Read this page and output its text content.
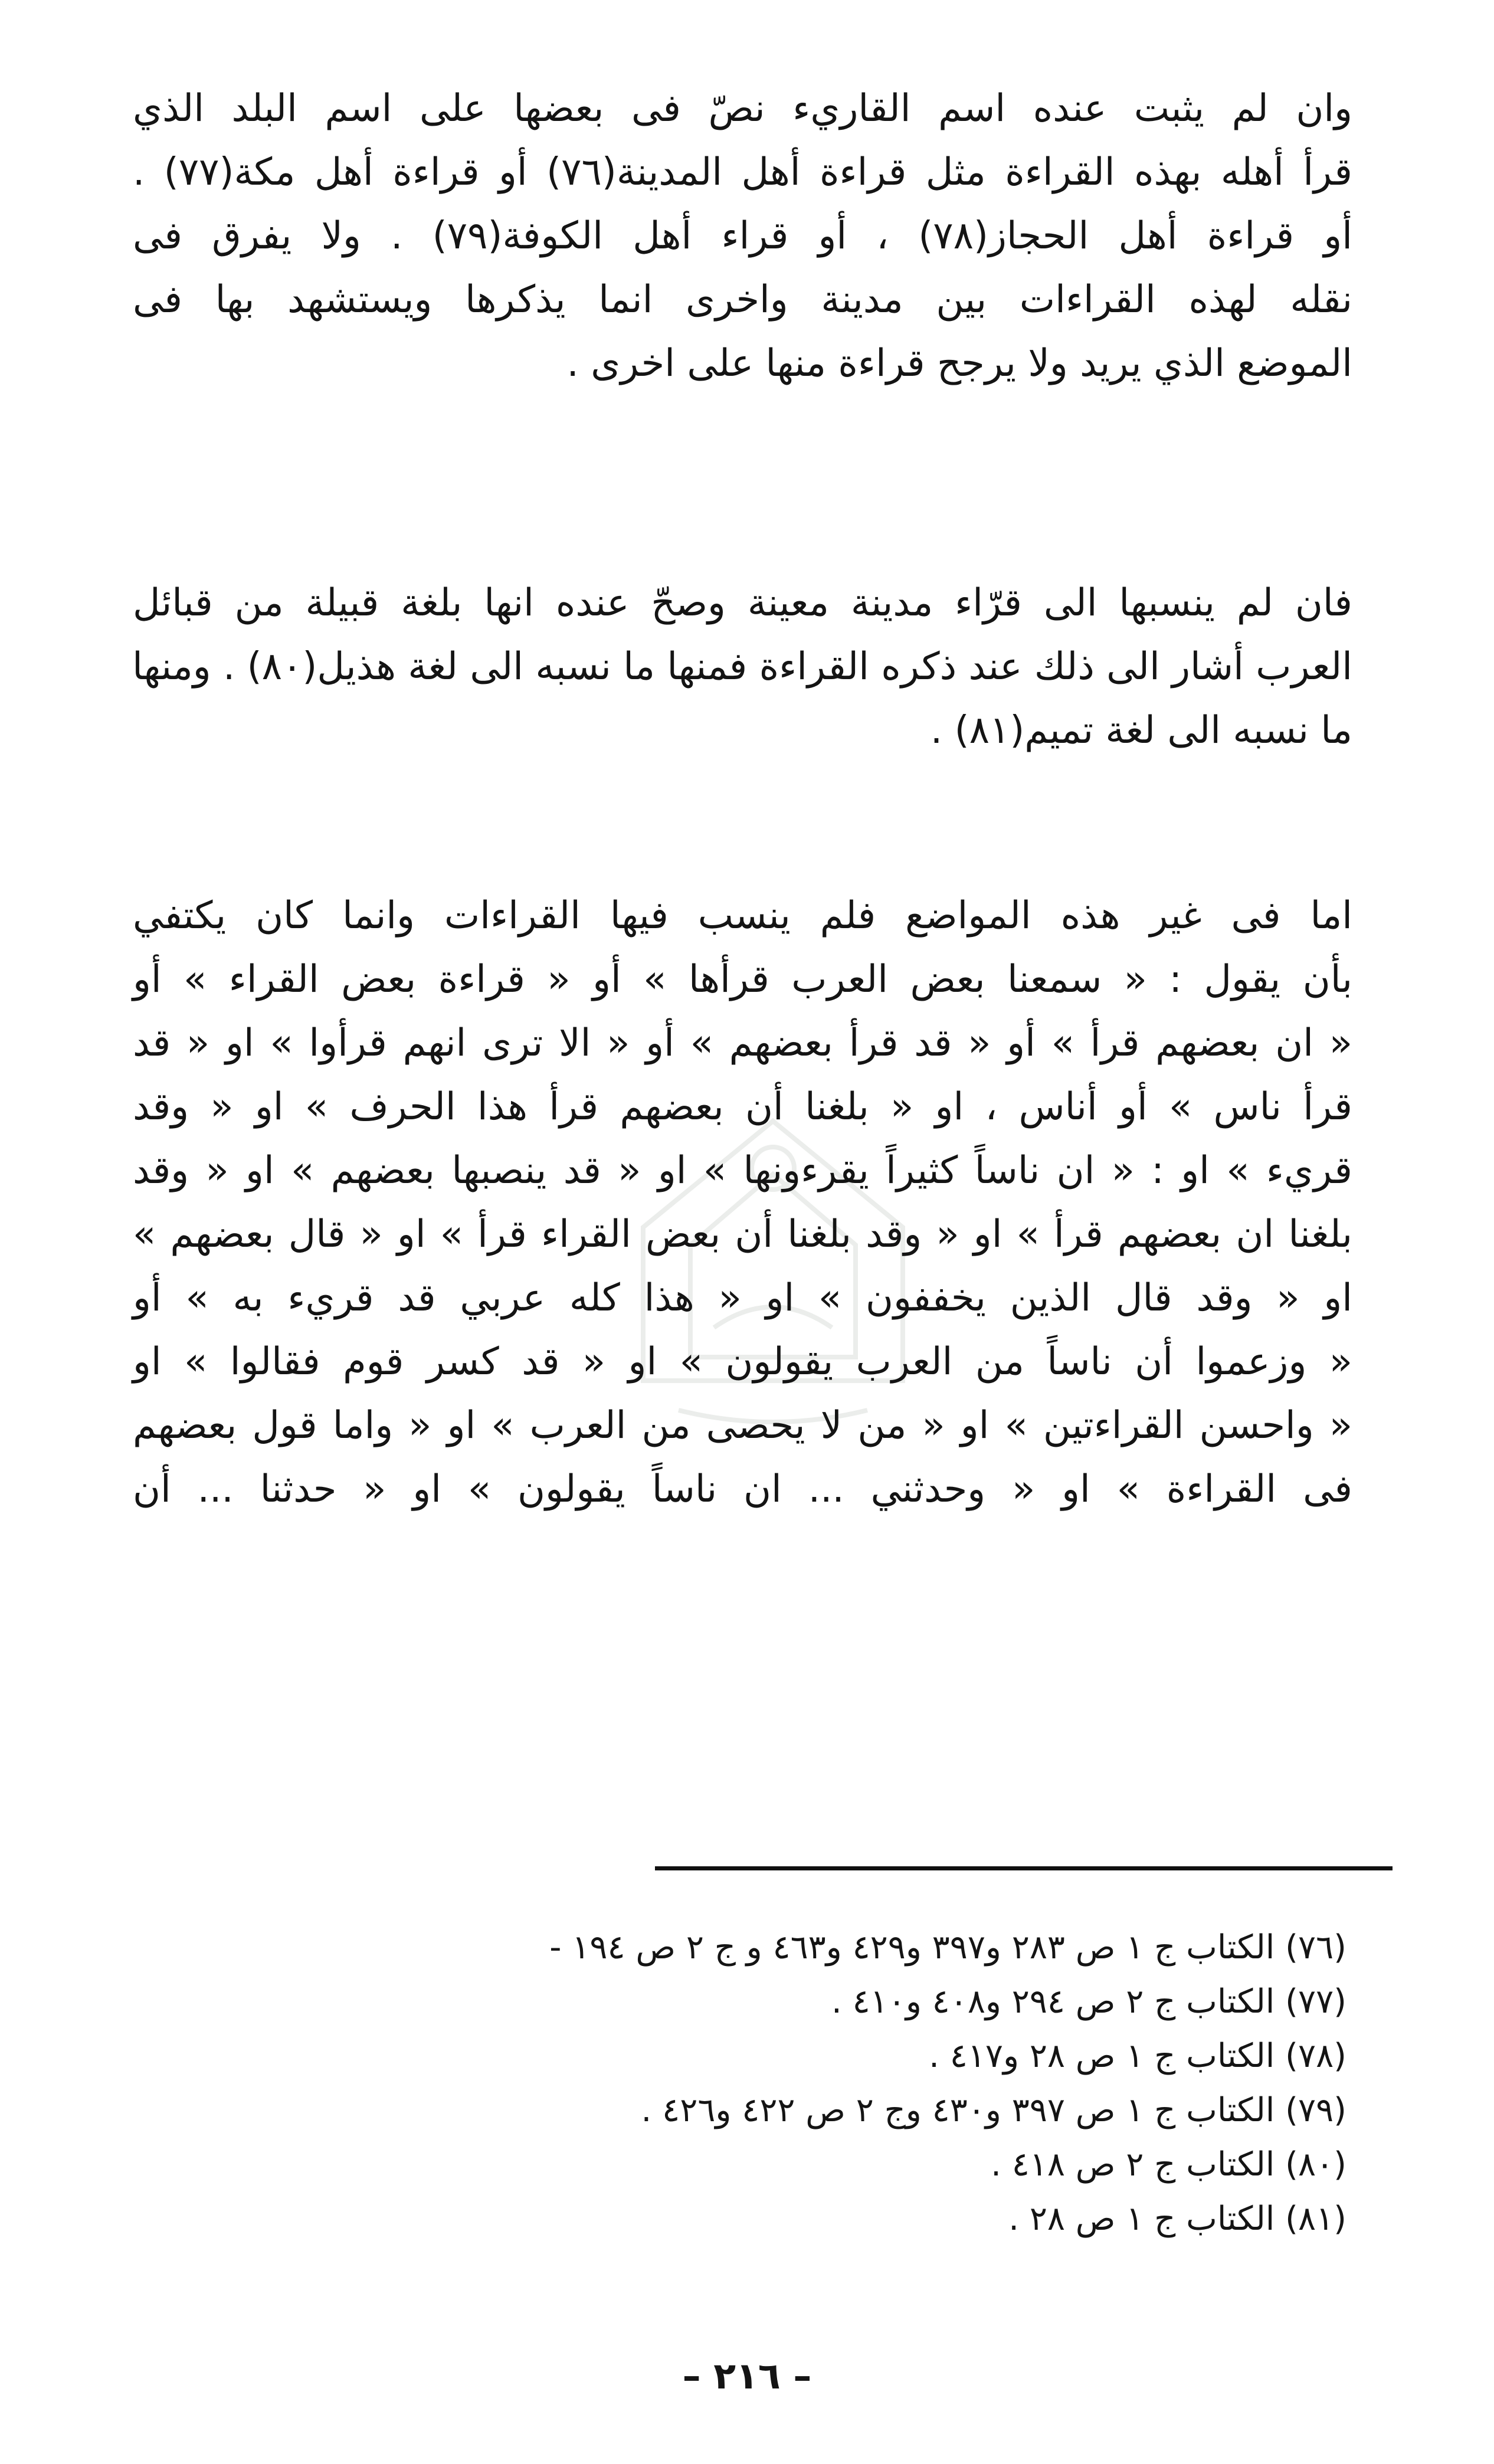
وان لم يثبت عنده اسم القاريء نصّ فى بعضها على اسم البلد الذي
قرأ أهله بهذه القراءة مثل قراءة أهل المدينة(٧٦) أو قراءة أهل مكة(٧٧) .
أو قراءة أهل الحجاز(٧٨) ، أو قراء أهل الكوفة(٧٩) . ولا يفرق فى
نقله لهذه القراءات بين مدينة واخرى انما يذكرها ويستشهد بها فى
الموضع الذي يريد ولا يرجح قراءة منها على اخرى .
فان لم ينسبها الى قرّاء مدينة معينة وصحّ عنده انها بلغة قبيلة من قبائل
العرب أشار الى ذلك عند ذكره القراءة فمنها ما نسبه الى لغة هذيل(٨٠) . ومنها
ما نسبه الى لغة تميم(٨١) .
اما فى غير هذه المواضع فلم ينسب فيها القراءات وانما كان يكتفي
بأن يقول : « سمعنا بعض العرب قرأها » أو « قراءة بعض القراء » أو
« ان بعضهم قرأ » أو « قد قرأ بعضهم » أو « الا ترى انهم قرأوا » او « قد
قرأ ناس » أو أناس ، او « بلغنا أن بعضهم قرأ هذا الحرف » او « وقد
قريء » او : « ان ناساً كثيراً يقرءونها » او « قد ينصبها بعضهم » او « وقد
بلغنا ان بعضهم قرأ » او « وقد بلغنا أن بعض القراء قرأ » او « قال بعضهم »
او « وقد قال الذين يخففون » او « هذا كله عربي قد قريء به » أو
« وزعموا أن ناساً من العرب يقولون » او « قد كسر قوم فقالوا » او
« واحسن القراءتين » او « من لا يحصى من العرب » او « واما قول بعضهم
فى القراءة » او « وحدثني ... ان ناساً يقولون » او « حدثنا ... أن
(٧٦) الكتاب ج ١ ص ٢٨٣ و٣٩٧ و٤٢٩ و٤٦٣ و ج ٢ ص ١٩٤ -
(٧٧) الكتاب ج ٢ ص ٢٩٤ و٤٠٨ و٤١٠ .
(٧٨) الكتاب ج ١ ص ٢٨ و٤١٧ .
(٧٩) الكتاب ج ١ ص ٣٩٧ و٤٣٠ وج ٢ ص ٤٢٢ و٤٢٦ .
(٨٠) الكتاب ج ٢ ص ٤١٨ .
(٨١) الكتاب ج ١ ص ٢٨ .
– ٢١٦ –
